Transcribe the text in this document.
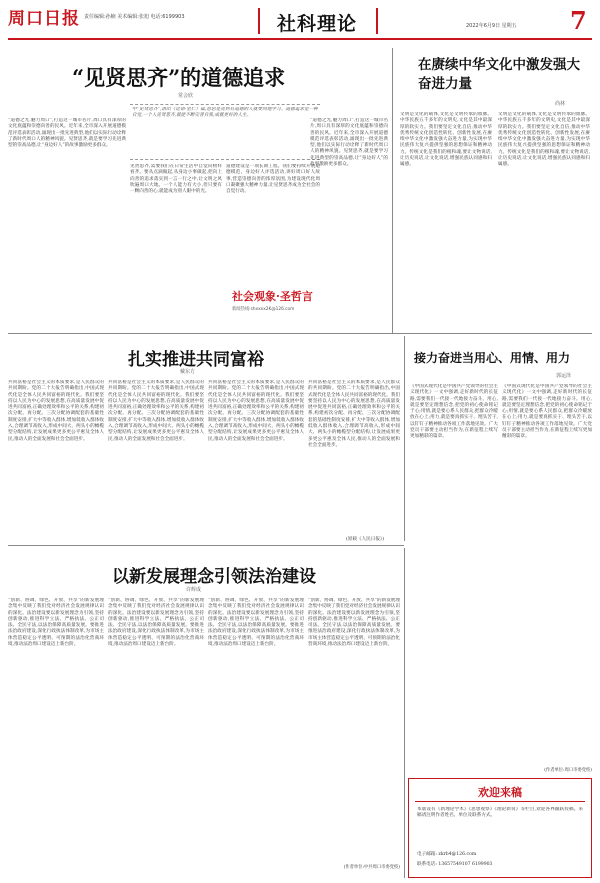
周口日报 责任编辑:孙楠 美术编辑:张旭 电话:6199903	社科理论	2022年6月9日 星期五 7
“见贤思齐”的道德追求
常会欣
中“见贤思齐”,语出《论语·里仁》篇,意思是见到有道德的人就要向他学习。道德追求是一种自觉,一个人见贤思齐,就能不断完善自我,成就更好的人生。
“道德之光,魅力周口”,打造这一城市名片,周口具有深厚的文化底蕴和崇德向善的民风。近年来,全市深入开展道德模范评选表彰活动,涌现出一批先进典型,他们以实际行动诠释了新时代周口人的精神风貌。见贤思齐,就是要学习先进典型的崇高品德,让“身边好人”的故事激励更多群众。
见贤思齐,需要我们在日常生活中自觉向榜样看齐。要从点滴做起,从身边小事做起,把向上向善的追求落实到一言一行之中,让文明之风吹遍周口大地。一个人能力有大小,但只要有一颗向善的心,就能成为别人眼中的光。
道德建设是一项长期工程。我们要持续开展道德模范、身边好人评选活动,讲好周口好人故事,营造崇德向善的浓厚氛围,为建设现代化周口凝聚强大精神力量,让见贤思齐成为全社会的自觉行动。
“道德之光,魅力周口”,打造这一城市名片,周口具有深厚的文化底蕴和崇德向善的民风。近年来,全市深入开展道德模范评选表彰活动,涌现出一批先进典型,他们以实际行动诠释了新时代周口人的精神风貌。见贤思齐,就是要学习先进典型的崇高品德,让“身边好人”的故事激励更多群众。
社会观象·圣哲言
新闻热线:shxxxx2K@126.com
在赓续中华文化中激发强大奋进力量
尚林
文明是文化的载体,文化是文明传承的血脉。中华民族五千多年的文明史,文化是其中最深厚的软实力。我们要坚定文化自信,推动中华优秀传统文化创造性转化、创新性发展,在赓续中华文化中激发强大奋进力量,为实现中华民族伟大复兴提供坚强的思想保证和精神动力。传统文化是我们的根和魂,要让文物说话,让历史说话,让文化说话,增强民族认同感和归属感。
文明是文化的载体,文化是文明传承的血脉。中华民族五千多年的文明史,文化是其中最深厚的软实力。我们要坚定文化自信,推动中华优秀传统文化创造性转化、创新性发展,在赓续中华文化中激发强大奋进力量,为实现中华民族伟大复兴提供坚强的思想保证和精神动力。传统文化是我们的根和魂,要让文物说话,让历史说话,让文化说话,增强民族认同感和归属感。
扎实推进共同富裕
戴东方
共同富裕是社会主义的本质要求,是人民群众的共同期盼。党的二十大报告明确指出,中国式现代化是全体人民共同富裕的现代化。我们要坚持以人民为中心的发展思想,在高质量发展中促进共同富裕,正确处理效率和公平的关系,构建初次分配、再分配、三次分配协调配套的基础性制度安排,扩大中等收入群体,增加低收入群体收入,合理调节高收入,形成中间大、两头小的橄榄型分配结构,让发展成果更多更公平惠及全体人民,推动人的全面发展和社会全面进步。
共同富裕是社会主义的本质要求,是人民群众的共同期盼。党的二十大报告明确指出,中国式现代化是全体人民共同富裕的现代化。我们要坚持以人民为中心的发展思想,在高质量发展中促进共同富裕,正确处理效率和公平的关系,构建初次分配、再分配、三次分配协调配套的基础性制度安排,扩大中等收入群体,增加低收入群体收入,合理调节高收入,形成中间大、两头小的橄榄型分配结构,让发展成果更多更公平惠及全体人民,推动人的全面发展和社会全面进步。
共同富裕是社会主义的本质要求,是人民群众的共同期盼。党的二十大报告明确指出,中国式现代化是全体人民共同富裕的现代化。我们要坚持以人民为中心的发展思想,在高质量发展中促进共同富裕,正确处理效率和公平的关系,构建初次分配、再分配、三次分配协调配套的基础性制度安排,扩大中等收入群体,增加低收入群体收入,合理调节高收入,形成中间大、两头小的橄榄型分配结构,让发展成果更多更公平惠及全体人民,推动人的全面发展和社会全面进步。
共同富裕是社会主义的本质要求,是人民群众的共同期盼。党的二十大报告明确指出,中国式现代化是全体人民共同富裕的现代化。我们要坚持以人民为中心的发展思想,在高质量发展中促进共同富裕,正确处理效率和公平的关系,构建初次分配、再分配、三次分配协调配套的基础性制度安排,扩大中等收入群体,增加低收入群体收入,合理调节高收入,形成中间大、两头小的橄榄型分配结构,让发展成果更多更公平惠及全体人民,推动人的全面发展和社会全面进步。
(原载《人民日报》)
接力奋进当用心、用情、用力
郭运泽
《中国式现代化是中国共产党领导的社会主义现代化》一文中强调,走好新时代的长征路,需要我们一代接一代地接力奋斗。用心,就是要坚定理想信念,把党的初心使命铭记于心;用情,就是要心系人民群众,把群众冷暖放在心上;用力,就是要真抓实干、埋头苦干,以钉钉子精神推动各项工作落地见效。广大党员干部要主动担当作为,在新征程上续写更加精彩的篇章。
《中国式现代化是中国共产党领导的社会主义现代化》一文中强调,走好新时代的长征路,需要我们一代接一代地接力奋斗。用心,就是要坚定理想信念,把党的初心使命铭记于心;用情,就是要心系人民群众,把群众冷暖放在心上;用力,就是要真抓实干、埋头苦干,以钉钉子精神推动各项工作落地见效。广大党员干部要主动担当作为,在新征程上续写更加精彩的篇章。
(作者单位:周口市委党校)
以新发展理念引领法治建设
许辉成
“创新、协调、绿色、开放、共享”的新发展理念集中反映了我们党对经济社会发展规律认识的深化。法治建设要以新发展理念为引领,坚持创新驱动,推进科学立法、严格执法、公正司法、全民守法,以法治保障高质量发展。要推进法治政府建设,深化行政执法体制改革,为市场主体营造稳定公平透明、可预期的法治化营商环境,推动法治周口建设迈上新台阶。
“创新、协调、绿色、开放、共享”的新发展理念集中反映了我们党对经济社会发展规律认识的深化。法治建设要以新发展理念为引领,坚持创新驱动,推进科学立法、严格执法、公正司法、全民守法,以法治保障高质量发展。要推进法治政府建设,深化行政执法体制改革,为市场主体营造稳定公平透明、可预期的法治化营商环境,推动法治周口建设迈上新台阶。
“创新、协调、绿色、开放、共享”的新发展理念集中反映了我们党对经济社会发展规律认识的深化。法治建设要以新发展理念为引领,坚持创新驱动,推进科学立法、严格执法、公正司法、全民守法,以法治保障高质量发展。要推进法治政府建设,深化行政执法体制改革,为市场主体营造稳定公平透明、可预期的法治化营商环境,推动法治周口建设迈上新台阶。
“创新、协调、绿色、开放、共享”的新发展理念集中反映了我们党对经济社会发展规律认识的深化。法治建设要以新发展理念为引领,坚持创新驱动,推进科学立法、严格执法、公正司法、全民守法,以法治保障高质量发展。要推进法治政府建设,深化行政执法体制改革,为市场主体营造稳定公平透明、可预期的法治化营商环境,推动法治周口建设迈上新台阶。
(作者单位:中共周口市委党校)
欢迎来稿
本版设有《新理论学术》《思想观察》《理论新说》等栏目,欢迎各界踊跃投稿。来稿请注明作者姓名、单位及联系方式。
电子邮箱: zkrb4@126.com
联系电话: 13657549107 6199903
